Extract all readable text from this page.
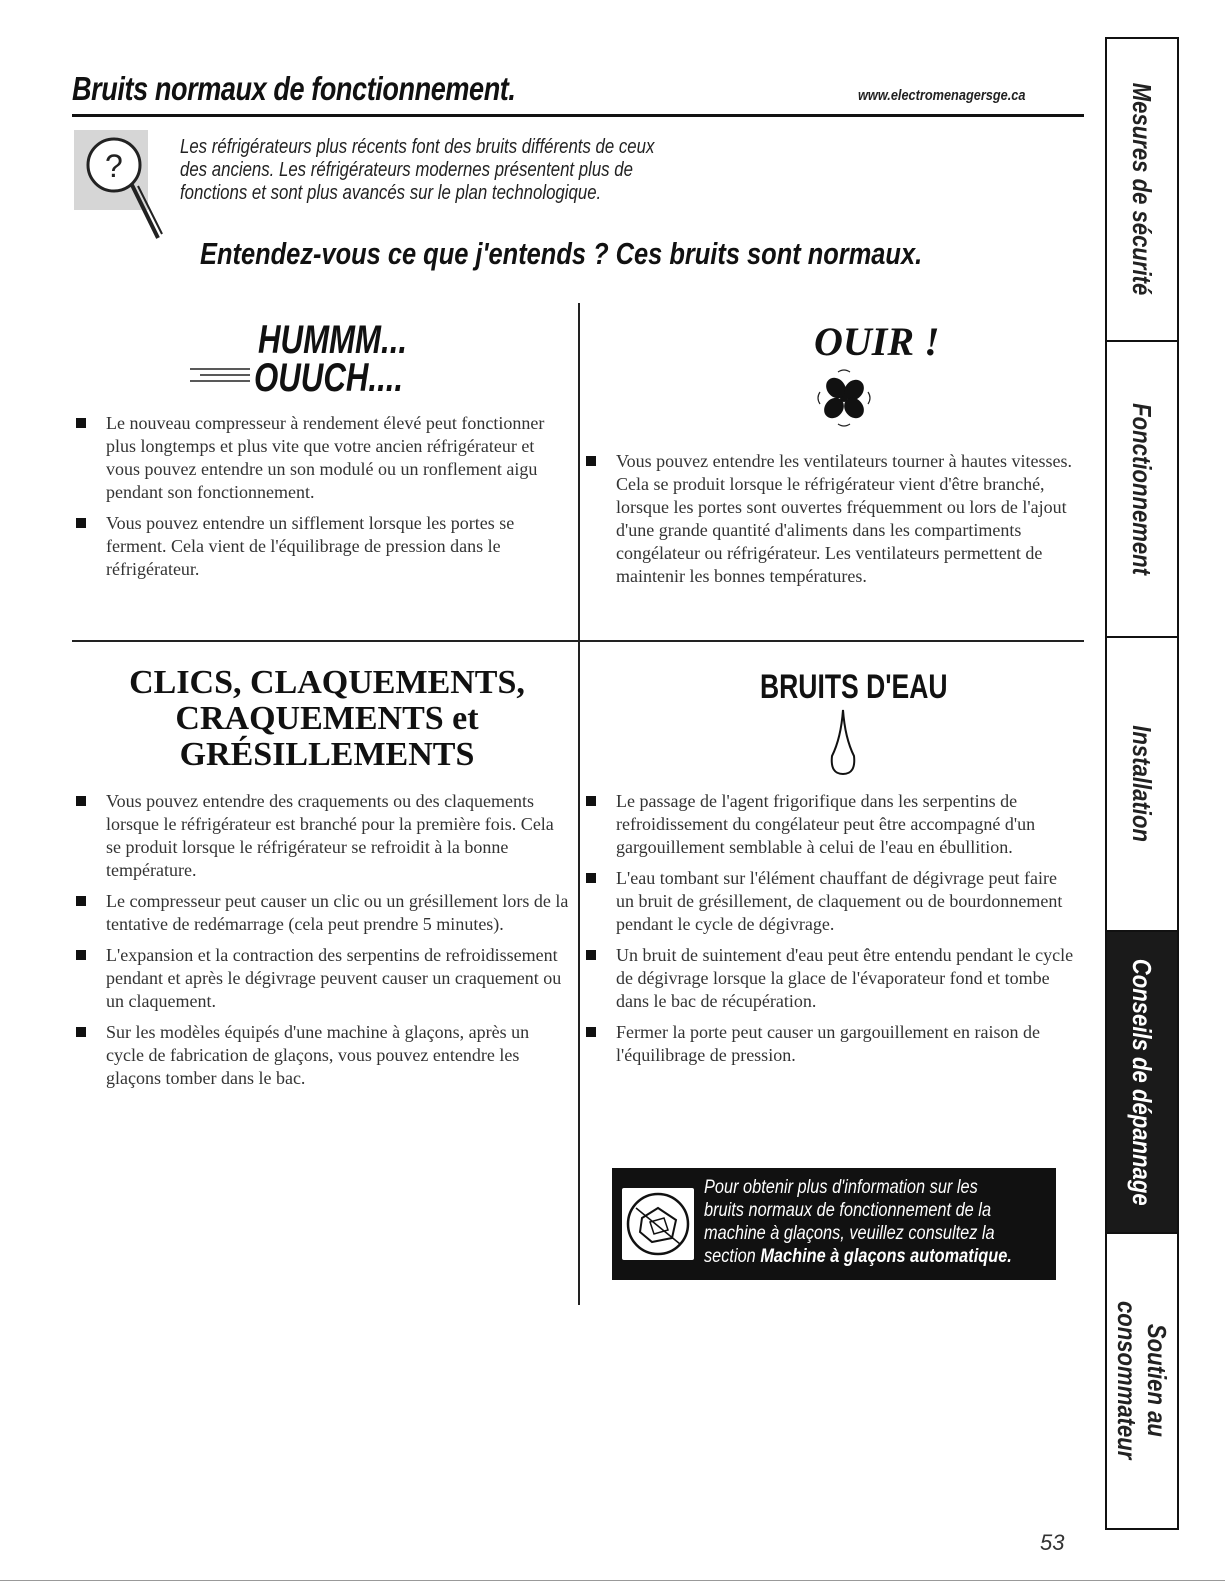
Bruits normaux de fonctionnement.	www.electromenagersge.ca
?
Les réfrigérateurs plus récents font des bruits différents de ceux
des anciens. Les réfrigérateurs modernes présentent plus de
fonctions et sont plus avancés sur le plan technologique.
Entendez-vous ce que j'entends ? Ces bruits sont normaux.
HUMMM...
OUUCH....
Le nouveau compresseur à rendement élevé peut fonctionner plus longtemps et plus vite que votre ancien réfrigérateur et vous pouvez entendre un son modulé ou un ronflement aigu pendant son fonctionnement.
Vous pouvez entendre un sifflement lorsque les portes se ferment. Cela vient de l'équilibrage de pression dans le réfrigérateur.
OUIR !
Vous pouvez entendre les ventilateurs tourner à hautes vitesses. Cela se produit lorsque le réfrigérateur vient d'être branché, lorsque les portes sont ouvertes fréquemment ou lors de l'ajout d'une grande quantité d'aliments dans les compartiments congélateur ou réfrigérateur. Les ventilateurs permettent de maintenir les bonnes températures.
CLICS, CLAQUEMENTS,
CRAQUEMENTS et
GRÉSILLEMENTS
Vous pouvez entendre des craquements ou des claquements lorsque le réfrigérateur est branché pour la première fois. Cela se produit lorsque le réfrigérateur se refroidit à la bonne température.
Le compresseur peut causer un clic ou un grésillement lors de la tentative de redémarrage (cela peut prendre 5 minutes).
L'expansion et la contraction des serpentins de refroidissement pendant et après le dégivrage peuvent causer un craquement ou un claquement.
Sur les modèles équipés d'une machine à glaçons, après un cycle de fabrication de glaçons, vous pouvez entendre les glaçons tomber dans le bac.
BRUITS D'EAU
Le passage de l'agent frigorifique dans les serpentins de refroidissement du congélateur peut être accompagné d'un gargouillement semblable à celui de l'eau en ébullition.
L'eau tombant sur l'élément chauffant de dégivrage peut faire un bruit de grésillement, de claquement ou de bourdonnement pendant le cycle de dégivrage.
Un bruit de suintement d'eau peut être entendu pendant le cycle de dégivrage lorsque la glace de l'évaporateur fond et tombe dans le bac de récupération.
Fermer la porte peut causer un gargouillement en raison de l'équilibrage de pression.
Pour obtenir plus d'information sur les
bruits normaux de fonctionnement de la
machine à glaçons, veuillez consultez la
section Machine à glaçons automatique.
Mesures de sécurité
Fonctionnement
Installation
Conseils de dépannage
Soutien au
consommateur
53
